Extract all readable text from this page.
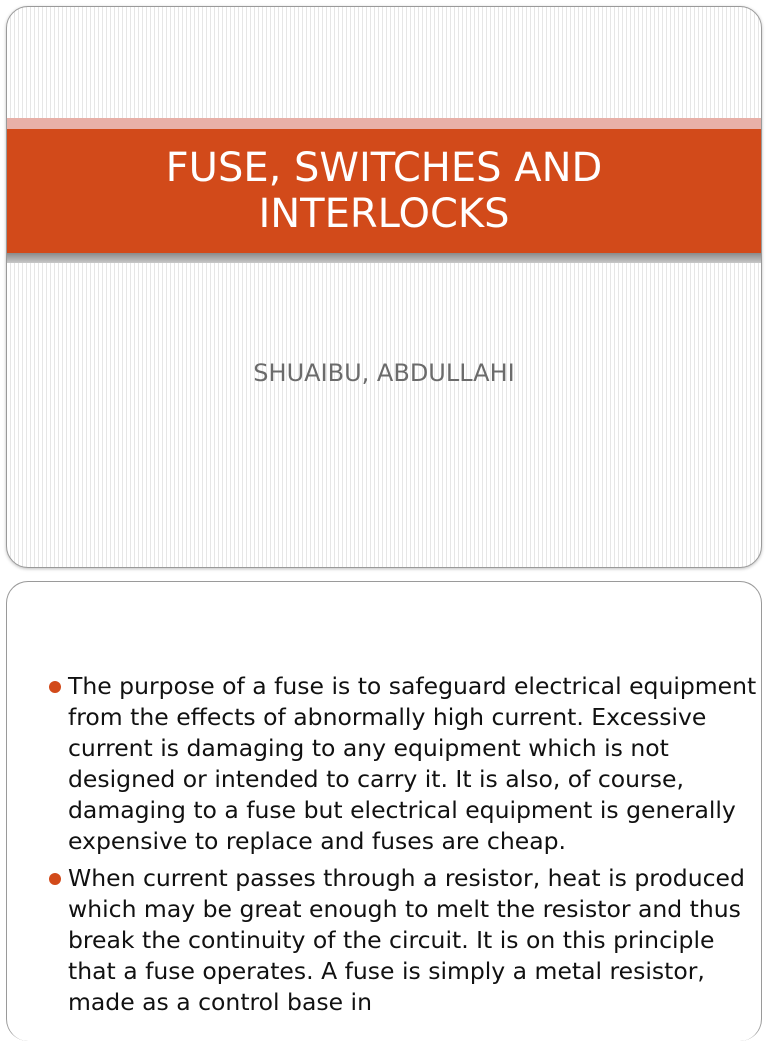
FUSE, SWITCHES AND
INTERLOCKS
SHUAIBU, ABDULLAHI
The purpose of a fuse is to safeguard electrical equipment from the effects of abnormally high current. Excessive current is damaging to any equipment which is not designed or intended to carry it. It is also, of course, damaging to a fuse but electrical equipment is generally expensive to replace and fuses are cheap.
When current passes through a resistor, heat is produced which may be great enough to melt the resistor and thus break the continuity of the circuit. It is on this principle that a fuse operates. A fuse is simply a metal resistor, made as a control base in
